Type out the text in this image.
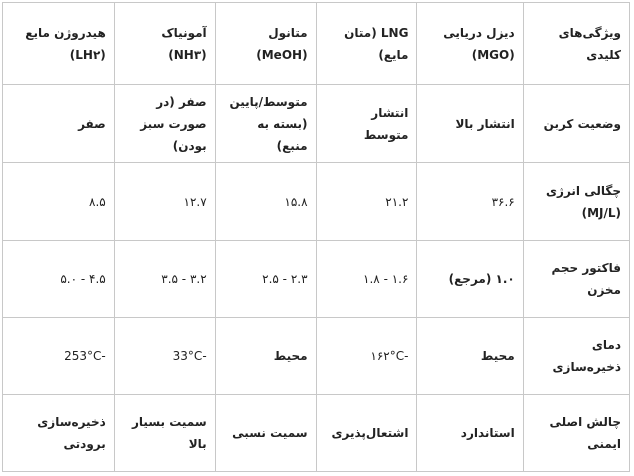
ویژگی‌های کلیدی	دیزل دریایی (MGO)	LNG (متان مایع)	متانول (MeOH)	آمونیاک (NH۳)	هیدروژن مایع (LH۲)
وضعیت کربن	انتشار بالا	انتشار متوسط	متوسط/پایین (بسته به منبع)	صفر (در صورت سبز بودن)	صفر
چگالی انرژی (MJ/L)	۳۶.۶	۲۱.۲	۱۵.۸	۱۲.۷	۸.۵
فاکتور حجم مخزن	۱.۰ (مرجع)	۱.۶ - ۱.۸	۲.۳ - ۲.۵	۳.۲ - ۳.۵	۴.۵ - ۵.۰
دمای ذخیره‌سازی	محیط	-۱۶۲°C	محیط	-33°C	-253°C
چالش اصلی ایمنی	استاندارد	اشتعال‌پذیری	سمیت نسبی	سمیت بسیار بالا	ذخیره‌سازی برودتی
